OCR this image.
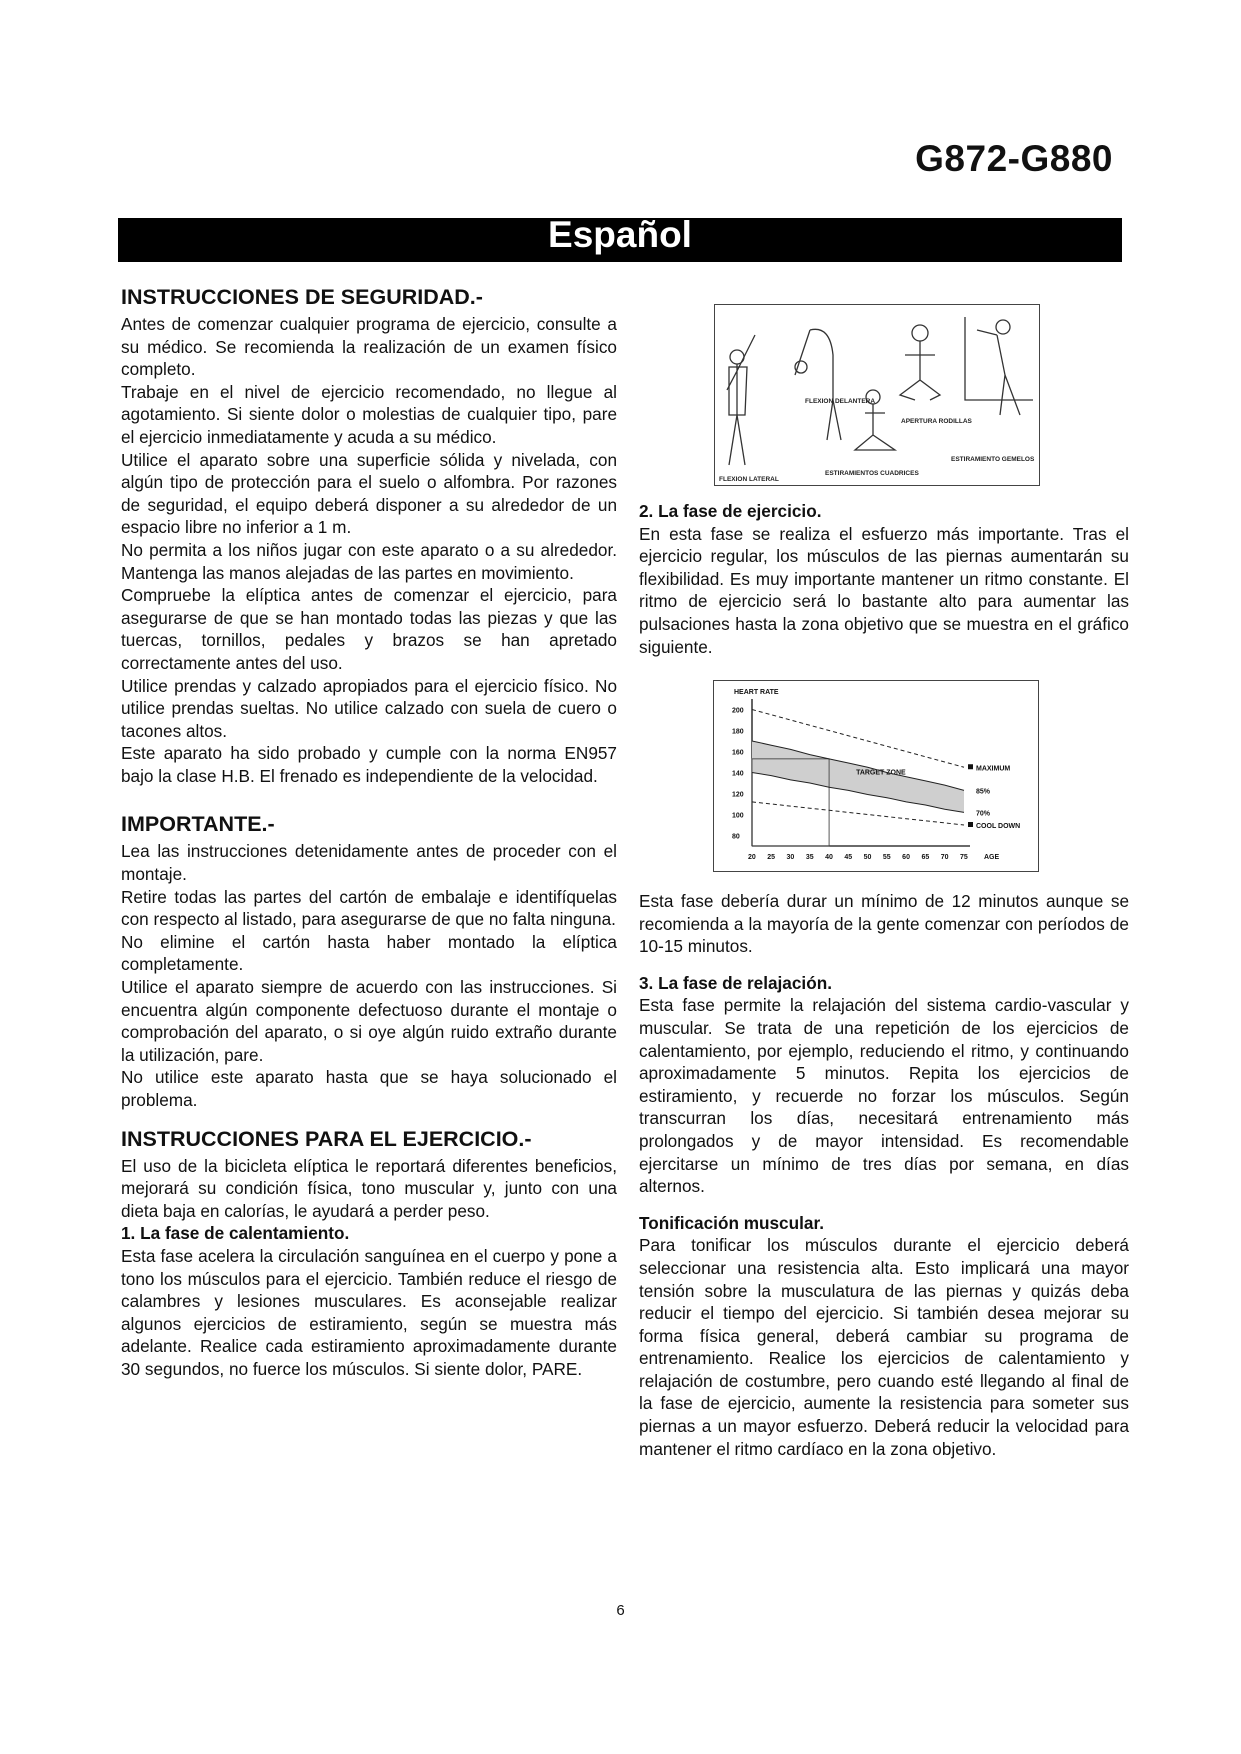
G872-G880
Español
INSTRUCCIONES DE SEGURIDAD.-

Antes de comenzar cualquier programa de ejercicio, consulte a su médico. Se recomienda la realización de un examen físico completo.

Trabaje en el nivel de ejercicio recomendado, no llegue al agotamiento. Si siente dolor o molestias de cualquier tipo, pare el ejercicio inmediatamente y acuda a su médico.

Utilice el aparato sobre una superficie sólida y nivelada, con algún tipo de protección para el suelo o alfombra. Por razones de seguridad, el equipo deberá disponer a su alrededor de un espacio libre no inferior a 1 m.

No permita a los niños jugar con este aparato o a su alrededor. Mantenga las manos alejadas de las partes en movimiento.

Compruebe la elíptica antes de comenzar el ejercicio, para asegurarse de que se han montado todas las piezas y que las tuercas, tornillos, pedales y brazos se han apretado correctamente antes del uso.

Utilice prendas y calzado apropiados para el ejercicio físico. No utilice prendas sueltas. No utilice calzado con suela de cuero o tacones altos.

Este aparato ha sido probado y cumple con la norma EN957 bajo la clase H.B. El frenado es independiente de la velocidad.

IMPORTANTE.-

Lea las instrucciones detenidamente antes de proceder con el montaje.

Retire todas las partes del cartón de embalaje e identifíquelas con respecto al listado, para asegurarse de que no falta ninguna.

No elimine el cartón hasta haber montado la elíptica completamente.

Utilice el aparato siempre de acuerdo con las instrucciones. Si encuentra algún componente defectuoso durante el montaje o comprobación del aparato, o si oye algún ruido extraño durante la utilización, pare.

No utilice este aparato hasta que se haya solucionado el problema.

INSTRUCCIONES PARA EL EJERCICIO.-

El uso de la bicicleta elíptica le reportará diferentes beneficios, mejorará su condición física, tono muscular y, junto con una dieta baja en calorías, le ayudará a perder peso.

1. La fase de calentamiento.

Esta fase acelera la circulación sanguínea en el cuerpo y pone a tono los músculos para el ejercicio. También reduce el riesgo de calambres y lesiones musculares. Es aconsejable realizar algunos ejercicios de estiramiento, según se muestra más adelante. Realice cada estiramiento aproximadamente durante 30 segundos, no fuerce los músculos. Si siente dolor, PARE.

FLEXION DELANTERA
APERTURA RODILLAS
ESTIRAMIENTO GEMELOS
FLEXION LATERAL
ESTIRAMIENTOS CUADRICES
2. La fase de ejercicio.

En esta fase se realiza el esfuerzo más importante. Tras el ejercicio regular, los músculos de las piernas aumentarán su flexibilidad. Es muy importante mantener un ritmo constante. El ritmo de ejercicio será lo bastante alto para aumentar las pulsaciones hasta la zona objetivo que se muestra en el gráfico siguiente.

HEART RATE
200
180
160
140
120
100
80
20 25 30 35 40 45 50 55 60 65 70 75
TARGET ZONE
MAXIMUM
85%
70%
COOL DOWN
AGE

Esta fase debería durar un mínimo de 12 minutos aunque se recomienda a la mayoría de la gente comenzar con períodos de 10-15 minutos.

3. La fase de relajación.

Esta fase permite la relajación del sistema cardio-vascular y muscular. Se trata de una repetición de los ejercicios de calentamiento, por ejemplo, reduciendo el ritmo, y continuando aproximadamente 5 minutos. Repita los ejercicios de estiramiento, y recuerde no forzar los músculos. Según transcurran los días, necesitará entrenamiento más prolongados y de mayor intensidad. Es recomendable ejercitarse un mínimo de tres días por semana, en días alternos.

Tonificación muscular.

Para tonificar los músculos durante el ejercicio deberá seleccionar una resistencia alta. Esto implicará una mayor tensión sobre la musculatura de las piernas y quizás deba reducir el tiempo del ejercicio. Si también desea mejorar su forma física general, deberá cambiar su programa de entrenamiento. Realice los ejercicios de calentamiento y relajación de costumbre, pero cuando esté llegando al final de la fase de ejercicio, aumente la resistencia para someter sus piernas a un mayor esfuerzo. Deberá reducir la velocidad para mantener el ritmo cardíaco en la zona objetivo.

6
